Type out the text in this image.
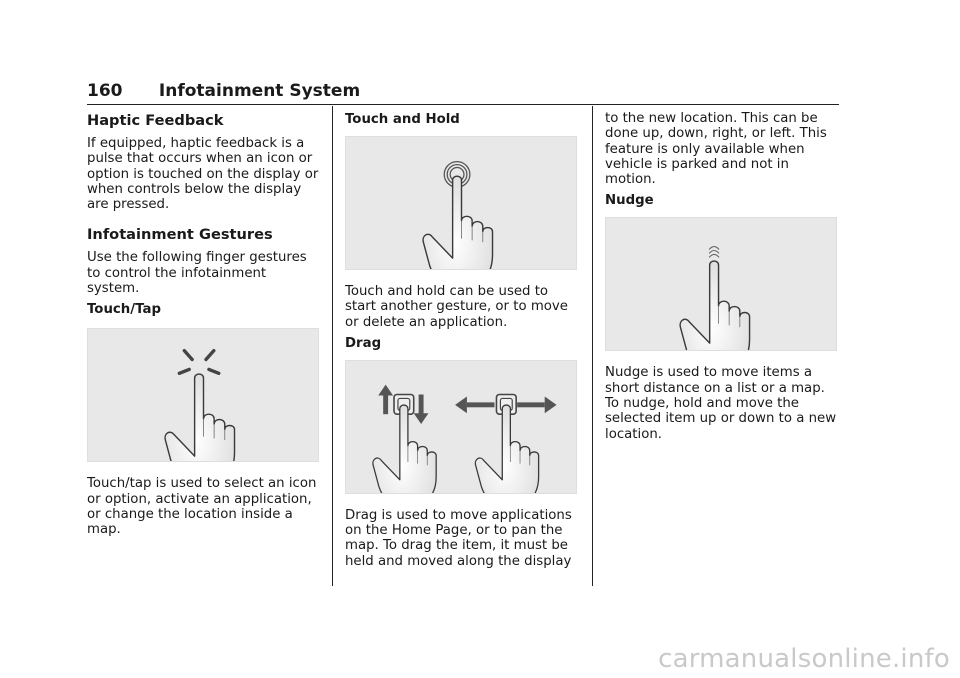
160 Infotainment System
Haptic Feedback

If equipped, haptic feedback is a pulse that occurs when an icon or option is touched on the display or when controls below the display are pressed.

Infotainment Gestures

Use the following finger gestures to control the infotainment system.

Touch/Tap

Touch/tap is used to select an icon or option, activate an application, or change the location inside a map.

Touch and Hold

Touch and hold can be used to start another gesture, or to move or delete an application.

Drag

Drag is used to move applications on the Home Page, or to pan the map. To drag the item, it must be held and moved along the display

to the new location. This can be done up, down, right, or left. This feature is only available when vehicle is parked and not in motion.

Nudge

Nudge is used to move items a short distance on a list or a map. To nudge, hold and move the selected item up or down to a new location.

carmanualsonline.info
